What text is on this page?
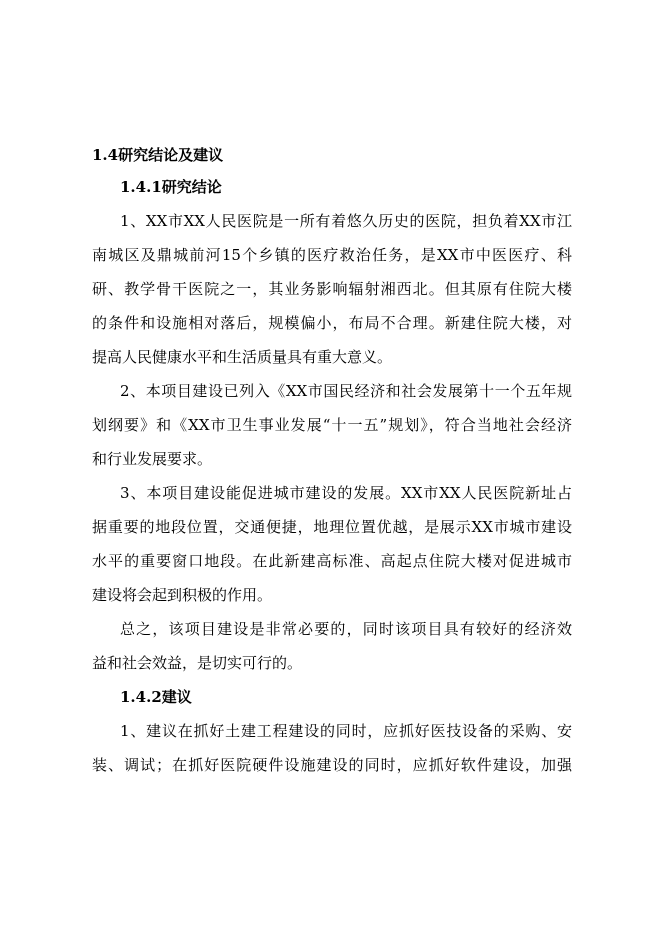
1.4研究结论及建议
1.4.1研究结论
1、XX市XX人民医院是一所有着悠久历史的医院，担负着XX市江
南城区及鼎城前河15个乡镇的医疗救治任务，是XX市中医医疗、科
研、教学骨干医院之一，其业务影响辐射湘西北。但其原有住院大楼
的条件和设施相对落后，规模偏小，布局不合理。新建住院大楼，对
提高人民健康水平和生活质量具有重大意义。
2、本项目建设已列入《XX市国民经济和社会发展第十一个五年规
划纲要》和《XX市卫生事业发展“十一五”规划》，符合当地社会经济
和行业发展要求。
3、本项目建设能促进城市建设的发展。XX市XX人民医院新址占
据重要的地段位置，交通便捷，地理位置优越，是展示XX市城市建设
水平的重要窗口地段。在此新建高标准、高起点住院大楼对促进城市
建设将会起到积极的作用。
总之，该项目建设是非常必要的，同时该项目具有较好的经济效
益和社会效益，是切实可行的。
1.4.2建议
1、建议在抓好土建工程建设的同时，应抓好医技设备的采购、安
装、调试；在抓好医院硬件设施建设的同时，应抓好软件建设，加强
